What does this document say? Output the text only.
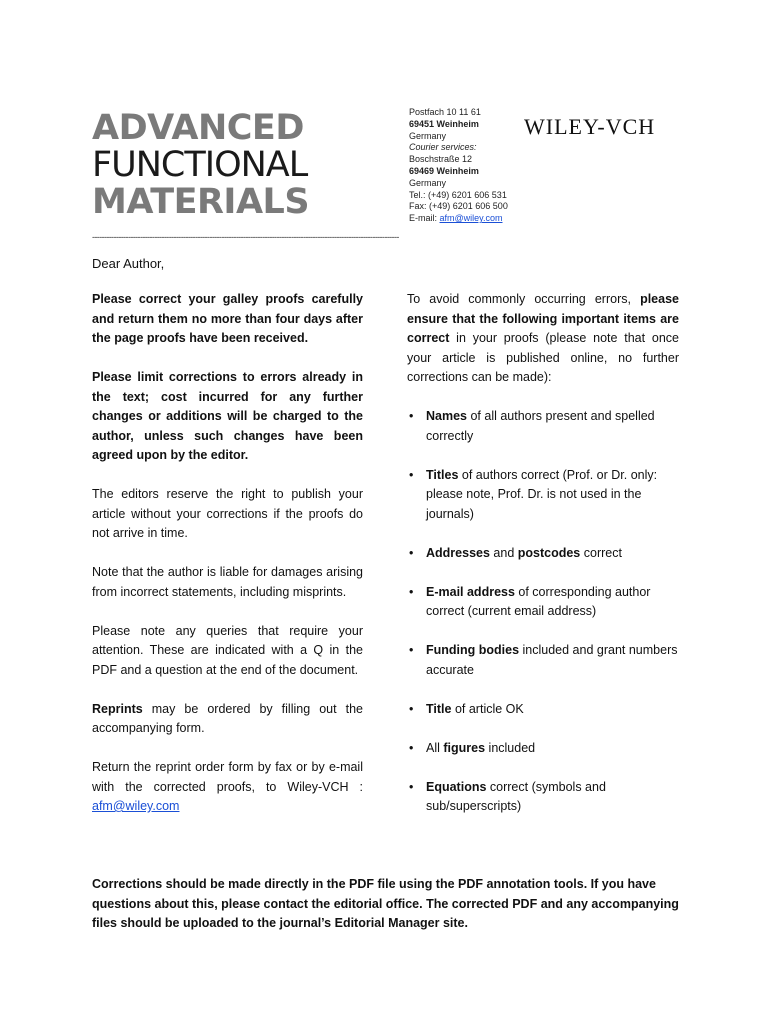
ADVANCED
FUNCTIONAL
MATERIALS
Postfach 10 11 61
69451 Weinheim
Germany
Courier services:
Boschstraße 12
69469 Weinheim
Germany
Tel.: (+49) 6201 606 531
Fax: (+49) 6201 606 500
E-mail: afm@wiley.com
WILEY-VCH
--------------------------------------------------------------------------------------------------------------------------------
Dear Author,

Please correct your galley proofs carefully and return them no more than four days after the page proofs have been received.

Please limit corrections to errors already in the text; cost incurred for any further changes or additions will be charged to the author, unless such changes have been agreed upon by the editor.

The editors reserve the right to publish your article without your corrections if the proofs do not arrive in time.

Note that the author is liable for damages arising from incorrect statements, including misprints.

Please note any queries that require your attention. These are indicated with a Q in the PDF and a question at the end of the document.

Reprints may be ordered by filling out the accompanying form.

Return the reprint order form by fax or by e-mail with the corrected proofs, to Wiley-VCH : afm@wiley.com

To avoid commonly occurring errors, please ensure that the following important items are correct in your proofs (please note that once your article is published online, no further corrections can be made):

• Names of all authors present and spelled correctly
• Titles of authors correct (Prof. or Dr. only: please note, Prof. Dr. is not used in the journals)
• Addresses and postcodes correct
• E-mail address of corresponding author correct (current email address)
• Funding bodies included and grant numbers accurate
• Title of article OK
• All figures included
• Equations correct (symbols and sub/superscripts)
Corrections should be made directly in the PDF file using the PDF annotation tools. If you have questions about this, please contact the editorial office. The corrected PDF and any accompanying files should be uploaded to the journal’s Editorial Manager site.
